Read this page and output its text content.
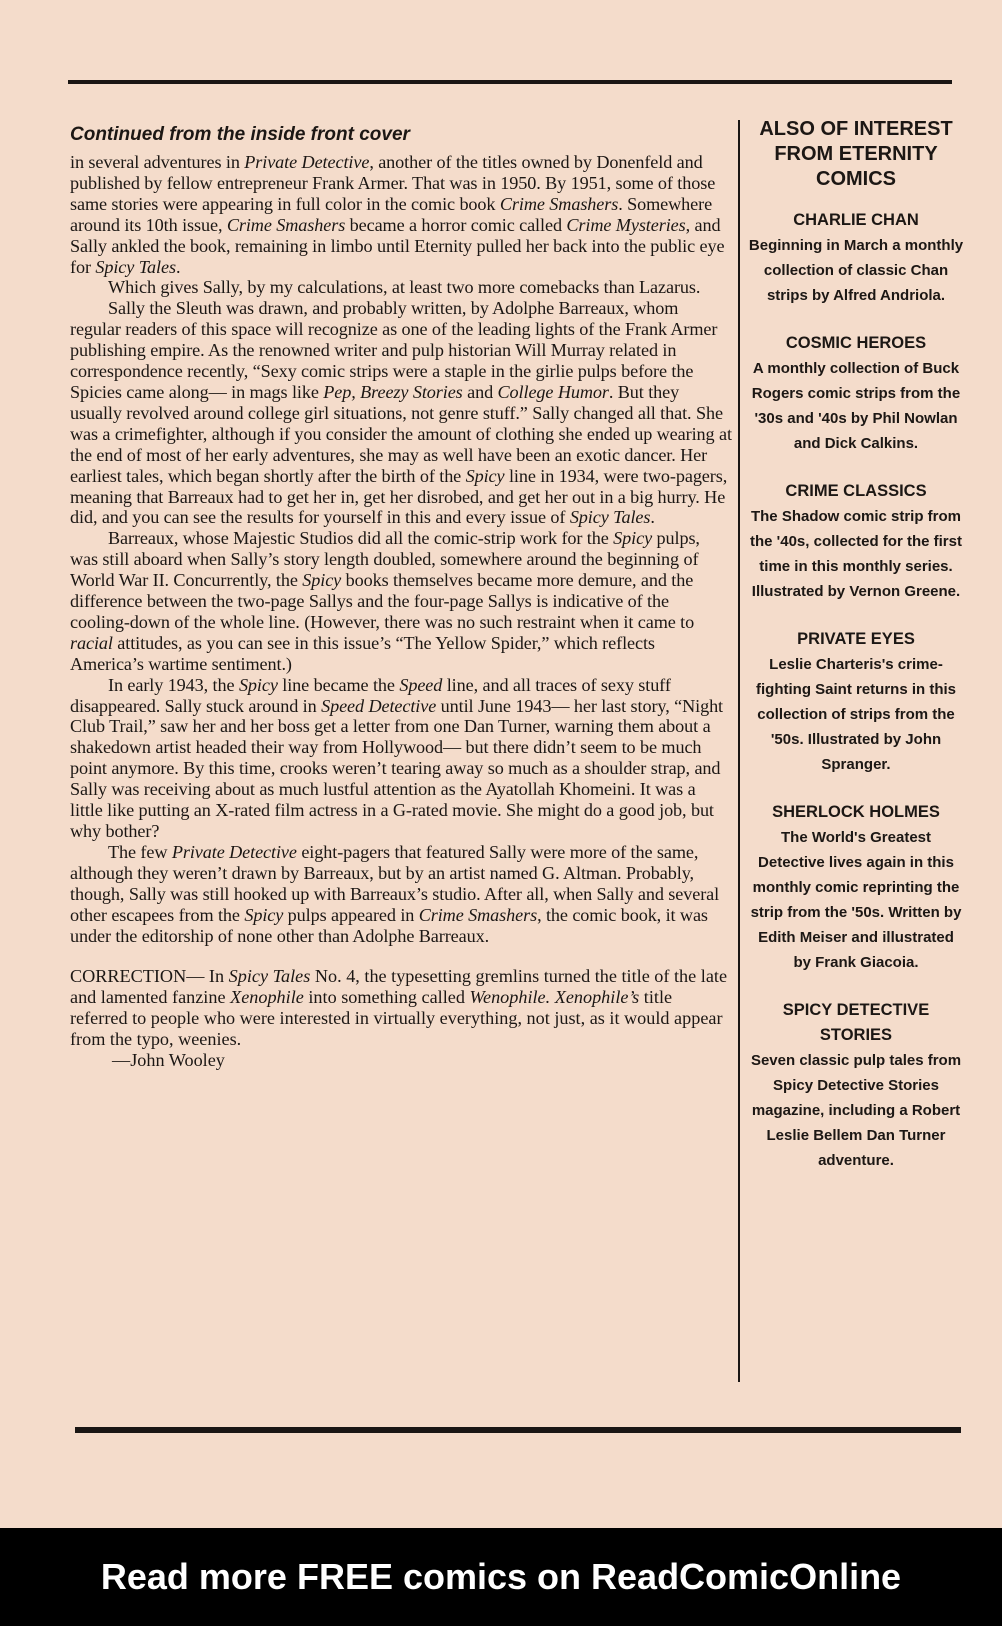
Continued from the inside front cover

in several adventures in Private Detective, another of the titles owned by Donenfeld and published by fellow entrepreneur Frank Armer. That was in 1950. By 1951, some of those same stories were appearing in full color in the comic book Crime Smashers. Somewhere around its 10th issue, Crime Smashers became a horror comic called Crime Mysteries, and Sally ankled the book, remaining in limbo until Eternity pulled her back into the public eye for Spicy Tales.

Which gives Sally, by my calculations, at least two more comebacks than Lazarus.

Sally the Sleuth was drawn, and probably written, by Adolphe Barreaux, whom regular readers of this space will recognize as one of the leading lights of the Frank Armer publishing empire. As the renowned writer and pulp historian Will Murray related in correspondence recently, “Sexy comic strips were a staple in the girlie pulps before the Spicies came along— in mags like Pep, Breezy Stories and College Humor. But they usually revolved around college girl situations, not genre stuff.” Sally changed all that. She was a crimefighter, although if you consider the amount of clothing she ended up wearing at the end of most of her early adventures, she may as well have been an exotic dancer. Her earliest tales, which began shortly after the birth of the Spicy line in 1934, were two-pagers, meaning that Barreaux had to get her in, get her disrobed, and get her out in a big hurry. He did, and you can see the results for yourself in this and every issue of Spicy Tales.

Barreaux, whose Majestic Studios did all the comic-strip work for the Spicy pulps, was still aboard when Sally’s story length doubled, somewhere around the beginning of World War II. Concurrently, the Spicy books themselves became more demure, and the difference between the two-page Sallys and the four-page Sallys is indicative of the cooling-down of the whole line. (However, there was no such restraint when it came to racial attitudes, as you can see in this issue’s “The Yellow Spider,” which reflects America’s wartime sentiment.)

In early 1943, the Spicy line became the Speed line, and all traces of sexy stuff disappeared. Sally stuck around in Speed Detective until June 1943— her last story, “Night Club Trail,” saw her and her boss get a letter from one Dan Turner, warning them about a shakedown artist headed their way from Hollywood— but there didn’t seem to be much point anymore. By this time, crooks weren’t tearing away so much as a shoulder strap, and Sally was receiving about as much lustful attention as the Ayatollah Khomeini. It was a little like putting an X-rated film actress in a G-rated movie. She might do a good job, but why bother?

The few Private Detective eight-pagers that featured Sally were more of the same, although they weren’t drawn by Barreaux, but by an artist named G. Altman. Probably, though, Sally was still hooked up with Barreaux’s studio. After all, when Sally and several other escapees from the Spicy pulps appeared in Crime Smashers, the comic book, it was under the editorship of none other than Adolphe Barreaux.

CORRECTION— In Spicy Tales No. 4, the typesetting gremlins turned the title of the late and lamented fanzine Xenophile into something called Wenophile. Xenophile’s title referred to people who were interested in virtually everything, not just, as it would appear from the typo, weenies.

—John Wooley

ALSO OF INTEREST FROM ETERNITY COMICS
CHARLIE CHAN
Beginning in March a monthly collection of classic Chan strips by Alfred Andriola.
COSMIC HEROES
A monthly collection of Buck Rogers comic strips from the '30s and '40s by Phil Nowlan and Dick Calkins.
CRIME CLASSICS
The Shadow comic strip from the '40s, collected for the first time in this monthly series. Illustrated by Vernon Greene.
PRIVATE EYES
Leslie Charteris's crime-fighting Saint returns in this collection of strips from the '50s. Illustrated by John Spranger.
SHERLOCK HOLMES
The World's Greatest Detective lives again in this monthly comic reprinting the strip from the '50s. Written by Edith Meiser and illustrated by Frank Giacoia.
SPICY DETECTIVE STORIES
Seven classic pulp tales from Spicy Detective Stories magazine, including a Robert Leslie Bellem Dan Turner adventure.
Read more FREE comics on ReadComicOnline
